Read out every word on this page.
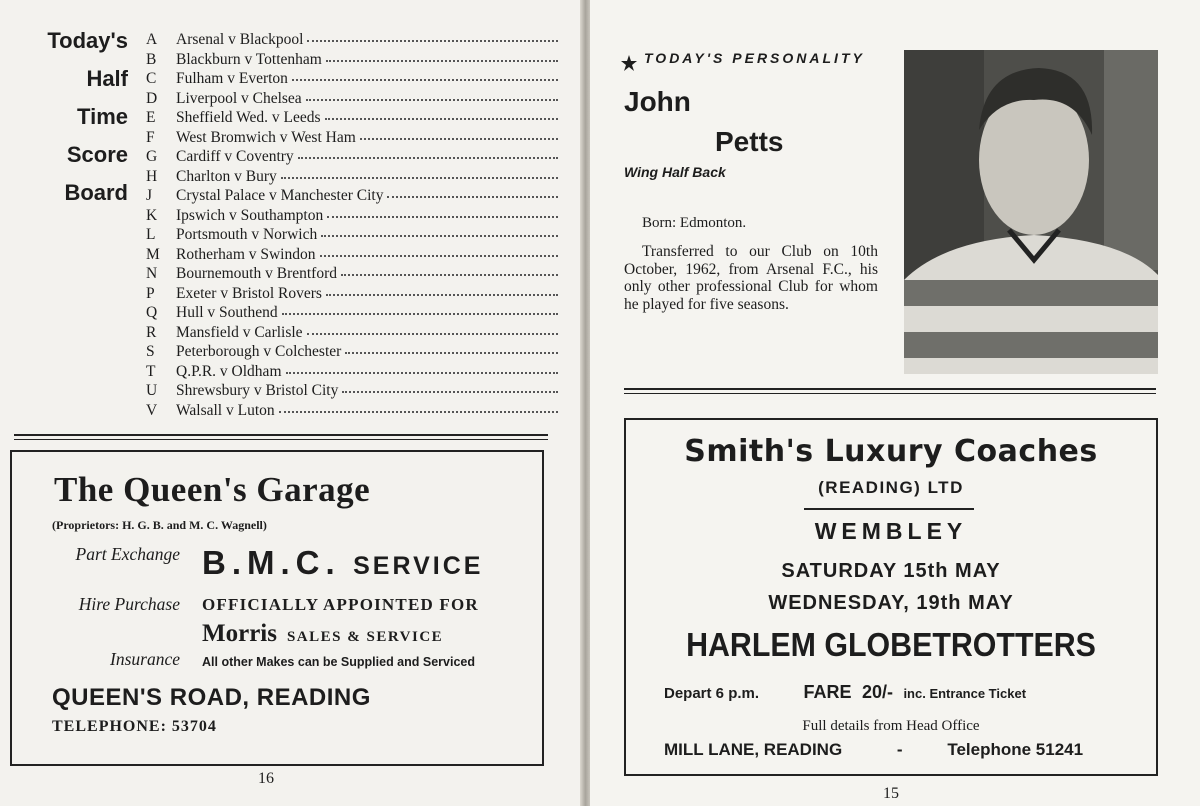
Today's
Half
Time
Score
Board
A	Arsenal v Blackpool
B	Blackburn v Tottenham
C	Fulham v Everton
D	Liverpool v Chelsea
E	Sheffield Wed. v Leeds
F	West Bromwich v West Ham
G	Cardiff v Coventry
H	Charlton v Bury
J	Crystal Palace v Manchester City
K	Ipswich v Southampton
L	Portsmouth v Norwich
M	Rotherham v Swindon
N	Bournemouth v Brentford
P	Exeter v Bristol Rovers
Q	Hull v Southend
R	Mansfield v Carlisle
S	Peterborough v Colchester
T	Q.P.R. v Oldham
U	Shrewsbury v Bristol City
V	Walsall v Luton
The Queen's Garage
(Proprietors: H. G. B. and M. C. Wagnell)
Part Exchange B.M.C. SERVICE
Hire Purchase OFFICIALLY APPOINTED FOR
Morris SALES & SERVICE
Insurance All other Makes can be Supplied and Serviced
QUEEN'S ROAD, READING
TELEPHONE: 53704
16
TODAY'S PERSONALITY
John
Petts
Wing Half Back
Born: Edmonton.
Transferred to our Club on 10th October, 1962, from Arsenal F.C., his only other professional Club for whom he played for five seasons.
Smith's Luxury Coaches
(READING) LTD
WEMBLEY
SATURDAY 15th MAY
WEDNESDAY, 19th MAY
HARLEM GLOBETROTTERS
Depart 6 p.m. FARE 20/- inc. Entrance Ticket
Full details from Head Office
MILL LANE, READING	-	Telephone 51241
15
